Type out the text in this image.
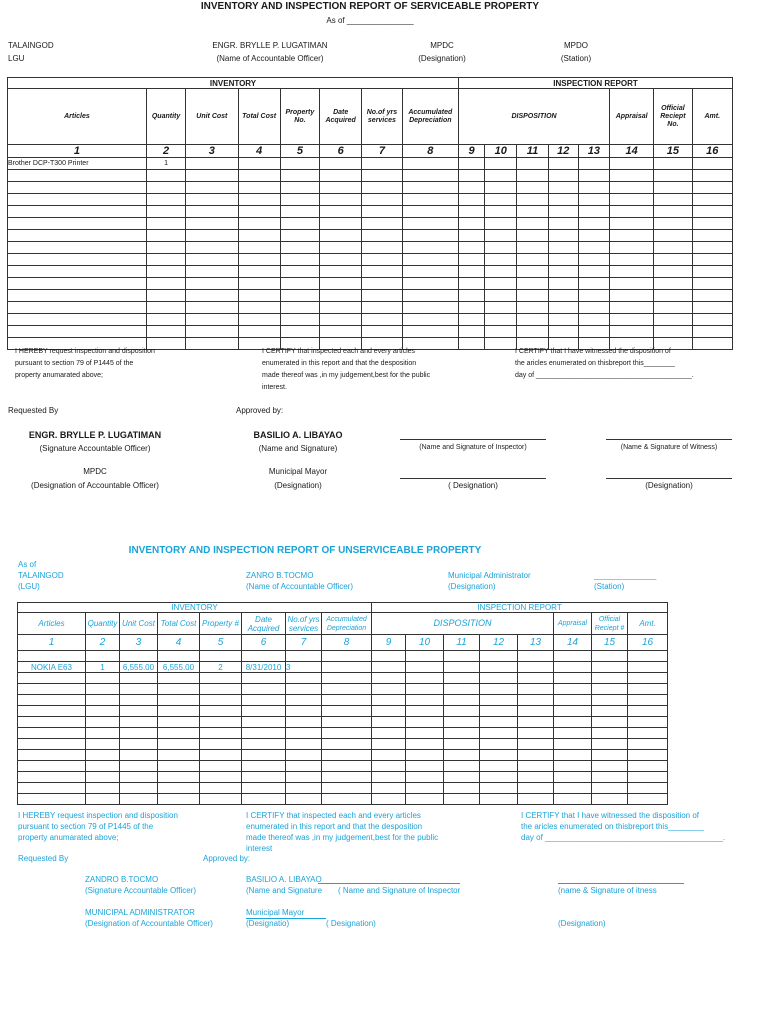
INVENTORY AND INSPECTION REPORT OF SERVICEABLE PROPERTY
As of _______________
TALAINGOD
LGU
ENGR. BRYLLE P. LUGATIMAN
(Name of Accountable Officer)
MPDC
(Designation)
MPDO
(Station)
INVENTORY								INSPECTION REPORT							
Articles	Quantity	Unit Cost	Total Cost	Property No.	Date Acquired	No.of yrs services	Accumulated Depreciation	DISPOSITION					Appraisal	Official Reciept No.	Amt.
1	2	3	4	5	6	7	8	9	10	11	12	13	14	15	16
Brother DCP-T300 Printer	1														

I HEREBY request inspection and disposition
pursuant to section 79 of P1445 of the
property anumarated above;
I CERTIFY that inspected each and every articles
enumerated in this report and that the desposition
made thereof was ,in my judgement,best for the public
interest.
I CERTIFY that I have witnessed the disposition of
the aricles enumerated on thisbreport this________
day of ________________________________________.
Requested By	Approved by:
ENGR. BRYLLE P. LUGATIMAN
(Signature Accountable Officer)
BASILIO A. LIBAYAO
(Name and Signature)	(Name and Signature of Inspector)	(Name & Signature of Witness)
MPDC
(Designation of Accountable Officer)
Municipal Mayor
(Designation)	( Designation)	(Designation)
INVENTORY AND INSPECTION REPORT OF UNSERVICEABLE PROPERTY
As of
TALAINGOD
(LGU)
ZANRO B.TOCMO
(Name of Accountable Officer)
Municipal Administrator
(Designation)
______________
(Station)
INVENTORY								INSPECTION REPORT							
Articles	Quantity	Unit Cost	Total Cost	Property #	Date Acquired	No.of yrs services	Accumulated Depreciation	DISPOSITION					Appraisal	Official Reciept #	Amt.
1	2	3	4	5	6	7	8	9	10	11	12	13	14	15	16

NOKIA E63	1	6,555.00	6,555.00	2	8/31/2010	3									

I HEREBY request inspection and disposition
pursuant to section 79 of P1445 of the
property anumarated above;
I CERTIFY that inspected each and every articles
enumerated in this report and that the desposition
made thereof was ,in my judgement,best for the public
interest
I CERTIFY that I have witnessed the disposition of
the aricles enumerated on thisbreport this________
day of ________________________________________.
Requested By	Approved by:
ZANDRO B.TOCMO
(Signature Accountable Officer)
BASILIO A. LIBAYAO
(Name and Signature ( Name and Signature of Inspector	(name & Signature of itness
MUNICIPAL ADMINISTRATOR
(Designation of Accountable Officer)
Municipal Mayor
(Designatio)	( Designation)	(Designation)
